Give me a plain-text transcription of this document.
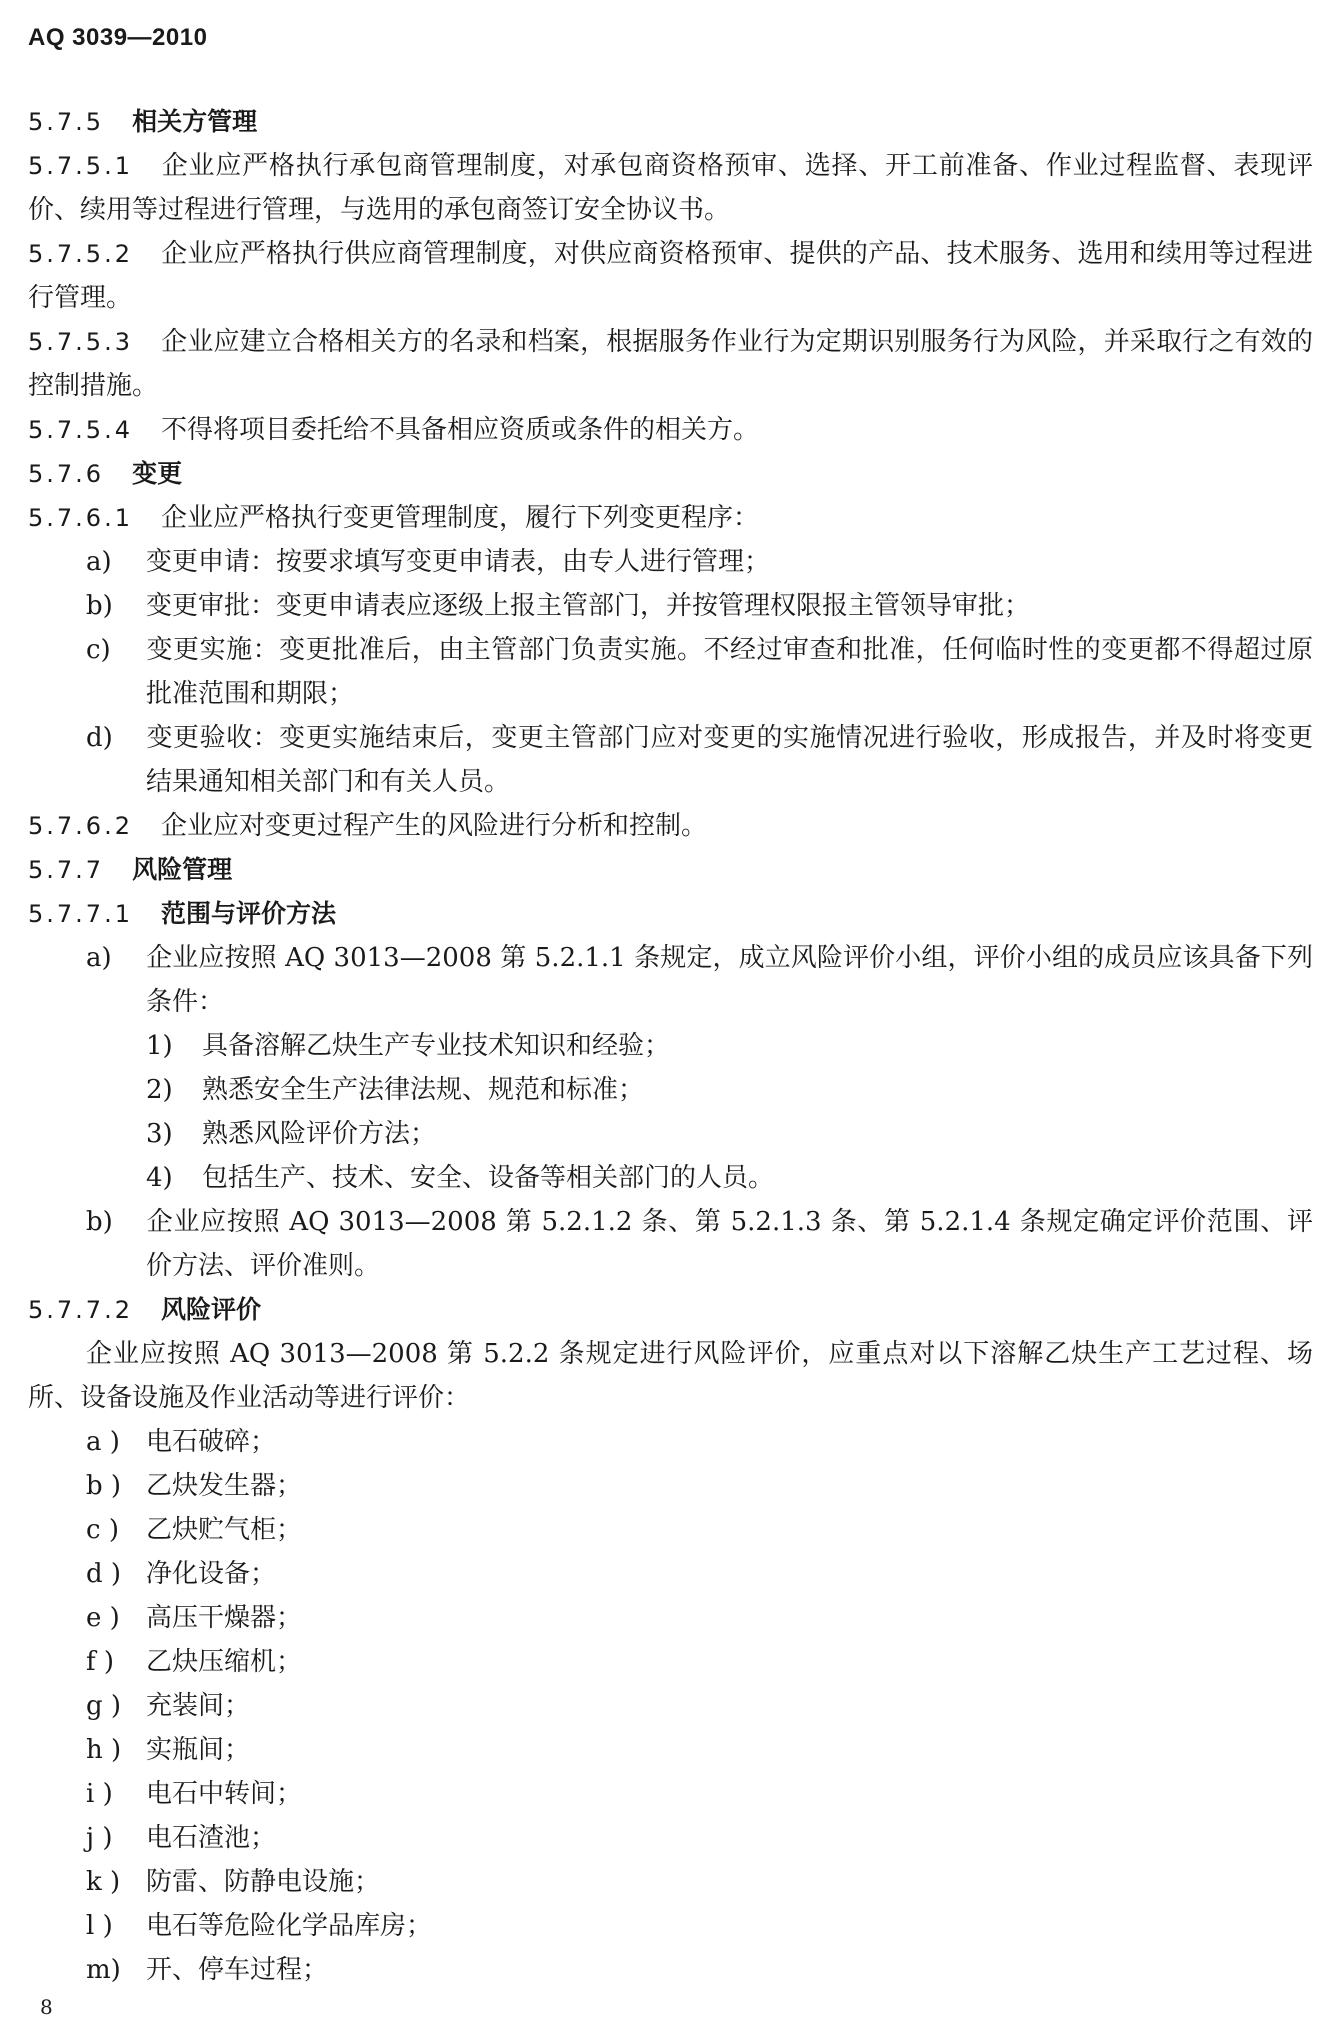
AQ 3039—2010
5.7.5 相关方管理
5.7.5.1 企业应严格执行承包商管理制度，对承包商资格预审、选择、开工前准备、作业过程监督、表现评价、续用等过程进行管理，与选用的承包商签订安全协议书。
5.7.5.2 企业应严格执行供应商管理制度，对供应商资格预审、提供的产品、技术服务、选用和续用等过程进行管理。
5.7.5.3 企业应建立合格相关方的名录和档案，根据服务作业行为定期识别服务行为风险，并采取行之有效的控制措施。
5.7.5.4 不得将项目委托给不具备相应资质或条件的相关方。
5.7.6 变更
5.7.6.1 企业应严格执行变更管理制度，履行下列变更程序：
a) 变更申请：按要求填写变更申请表，由专人进行管理；
b) 变更审批：变更申请表应逐级上报主管部门，并按管理权限报主管领导审批；
c) 变更实施：变更批准后，由主管部门负责实施。不经过审查和批准，任何临时性的变更都不得超过原批准范围和期限；
d) 变更验收：变更实施结束后，变更主管部门应对变更的实施情况进行验收，形成报告，并及时将变更结果通知相关部门和有关人员。
5.7.6.2 企业应对变更过程产生的风险进行分析和控制。
5.7.7 风险管理
5.7.7.1 范围与评价方法
a) 企业应按照 AQ 3013—2008 第 5.2.1.1 条规定，成立风险评价小组，评价小组的成员应该具备下列条件：
1) 具备溶解乙炔生产专业技术知识和经验；
2) 熟悉安全生产法律法规、规范和标准；
3) 熟悉风险评价方法；
4) 包括生产、技术、安全、设备等相关部门的人员。
b) 企业应按照 AQ 3013—2008 第 5.2.1.2 条、第 5.2.1.3 条、第 5.2.1.4 条规定确定评价范围、评价方法、评价准则。
5.7.7.2 风险评价
企业应按照 AQ 3013—2008 第 5.2.2 条规定进行风险评价，应重点对以下溶解乙炔生产工艺过程、场所、设备设施及作业活动等进行评价：
a ) 电石破碎；
b ) 乙炔发生器；
c ) 乙炔贮气柜；
d ) 净化设备；
e ) 高压干燥器；
f ) 乙炔压缩机；
g ) 充装间；
h ) 实瓶间；
i ) 电石中转间；
j ) 电石渣池；
k ) 防雷、防静电设施；
l ) 电石等危险化学品库房；
m) 开、停车过程；
8
